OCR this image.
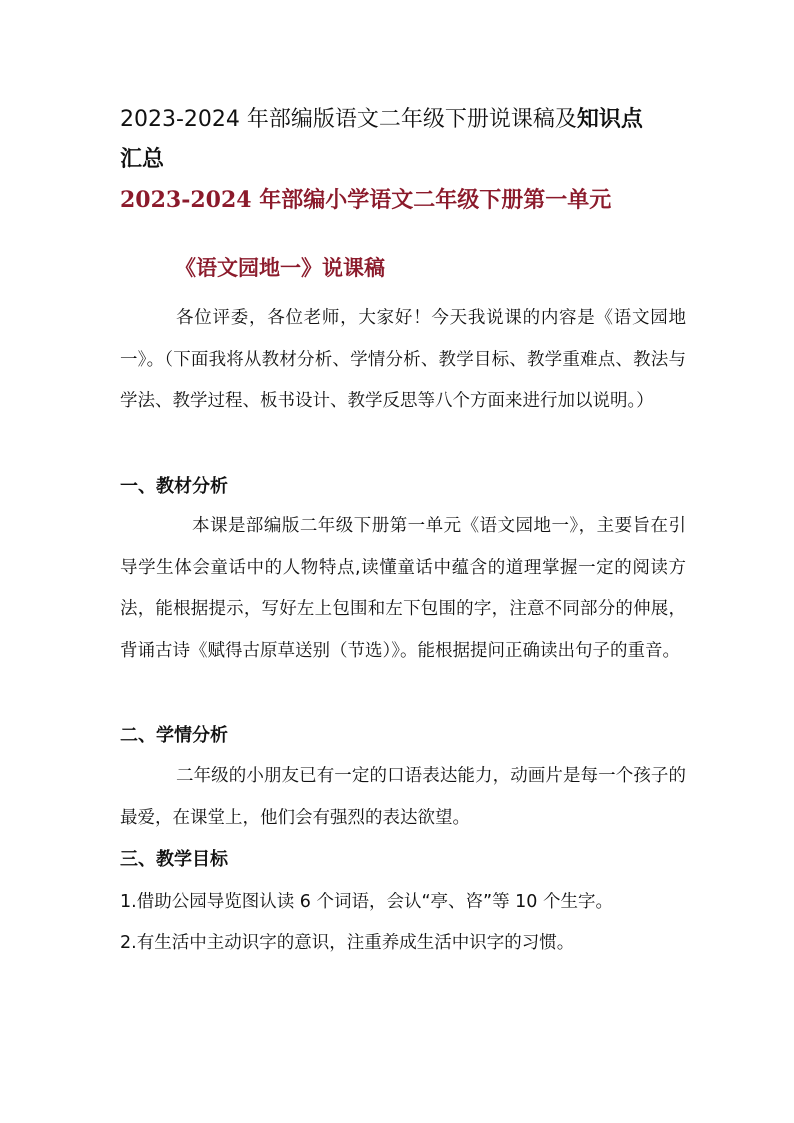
2023-2024 年部编版语文二年级下册说课稿及知识点
汇总
2023-2024 年部编小学语文二年级下册第一单元
《语文园地一》说课稿

各位评委，各位老师，大家好！今天我说课的内容是《语文园地一》。（下面我将从教材分析、学情分析、教学目标、教学重难点、教法与学法、教学过程、板书设计、教学反思等八个方面来进行加以说明。）

一、教材分析

本课是部编版二年级下册第一单元《语文园地一》，主要旨在引导学生体会童话中的人物特点,读懂童话中蕴含的道理掌握一定的阅读方法，能根据提示，写好左上包围和左下包围的字，注意不同部分的伸展，背诵古诗《赋得古原草送别（节选）》。能根据提问正确读出句子的重音。

二、学情分析

二年级的小朋友已有一定的口语表达能力，动画片是每一个孩子的最爱，在课堂上，他们会有强烈的表达欲望。

三、教学目标

1.借助公园导览图认读 6 个词语，会认“亭、咨”等 10 个生字。

2.有生活中主动识字的意识，注重养成生活中识字的习惯。
